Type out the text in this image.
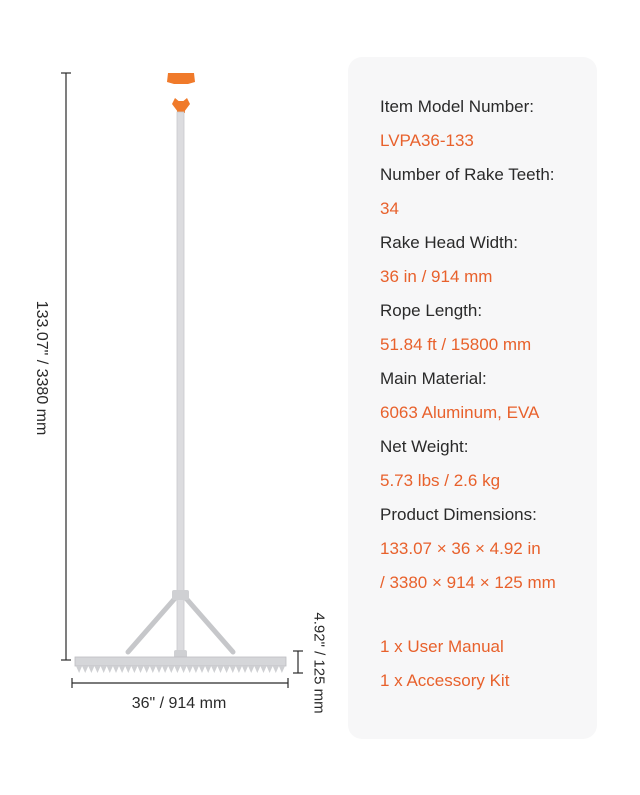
133.07" / 3380 mm
36" / 914 mm	4.92" / 125 mm
Item Model Number:
LVPA36-133
Number of Rake Teeth:
34
Rake Head Width:
36 in / 914 mm
Rope Length:
51.84 ft / 15800 mm
Main Material:
6063 Aluminum, EVA
Net Weight:
5.73 lbs / 2.6 kg
Product Dimensions:
133.07 × 36 × 4.92 in
/ 3380 × 914 × 125 mm
1 x User Manual
1 x Accessory Kit
